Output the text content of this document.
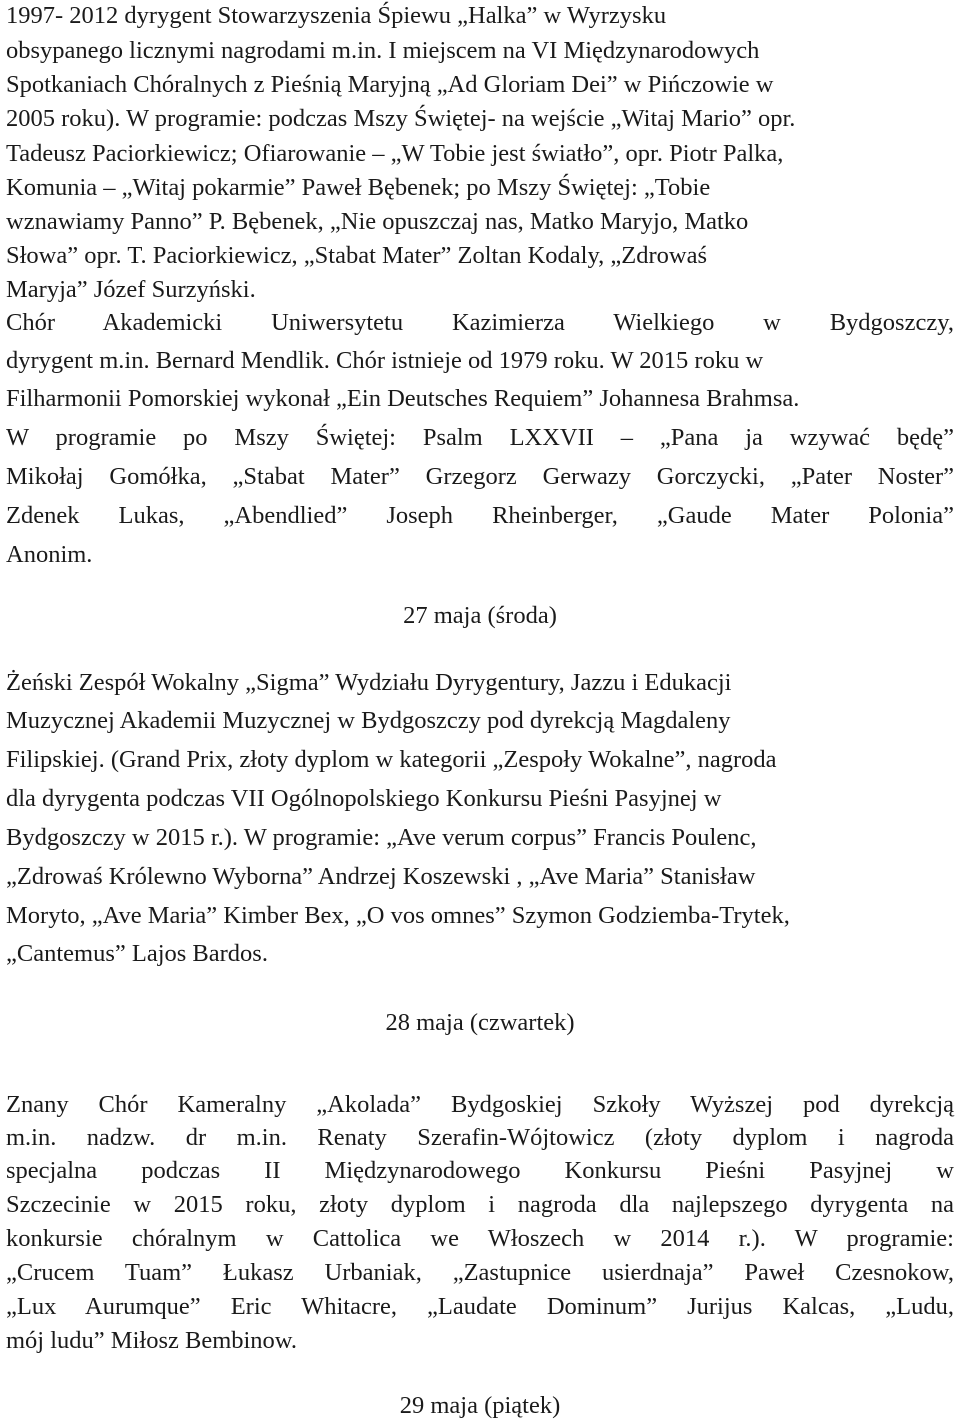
1997- 2012 dyrygent Stowarzyszenia Śpiewu „Halka” w Wyrzysku
obsypanego licznymi nagrodami m.in. I miejscem na VI Międzynarodowych
Spotkaniach Chóralnych z Pieśnią Maryjną „Ad Gloriam Dei” w Pińczowie w
2005 roku). W programie: podczas Mszy Świętej- na wejście „Witaj Mario” opr.
Tadeusz Paciorkiewicz; Ofiarowanie – „W Tobie jest światło”, opr. Piotr Palka,
Komunia – „Witaj pokarmie” Paweł Bębenek; po Mszy Świętej: „Tobie
wznawiamy Panno” P. Bębenek, „Nie opuszczaj nas, Matko Maryjo, Matko
Słowa” opr. T. Paciorkiewicz, „Stabat Mater” Zoltan Kodaly, „Zdrowaś
Maryja” Józef Surzyński.
Chór Akademicki Uniwersytetu Kazimierza Wielkiego w Bydgoszczy,
dyrygent m.in. Bernard Mendlik. Chór istnieje od 1979 roku. W 2015 roku w
Filharmonii Pomorskiej wykonał „Ein Deutsches Requiem” Johannesa Brahmsa.
W programie po Mszy Świętej: Psalm LXXVII – „Pana ja wzywać będę”
Mikołaj Gomółka, „Stabat Mater” Grzegorz Gerwazy Gorczycki, „Pater Noster”
Zdenek Lukas, „Abendlied” Joseph Rheinberger, „Gaude Mater Polonia”
Anonim.
27 maja (środa)
Żeński Zespół Wokalny „Sigma” Wydziału Dyrygentury, Jazzu i Edukacji
Muzycznej Akademii Muzycznej w Bydgoszczy pod dyrekcją Magdaleny
Filipskiej. (Grand Prix, złoty dyplom w kategorii „Zespoły Wokalne”, nagroda
dla dyrygenta podczas VII Ogólnopolskiego Konkursu Pieśni Pasyjnej w
Bydgoszczy w 2015 r.). W programie: „Ave verum corpus” Francis Poulenc,
„Zdrowaś Królewno Wyborna” Andrzej Koszewski , „Ave Maria” Stanisław
Moryto, „Ave Maria” Kimber Bex, „O vos omnes” Szymon Godziemba-Trytek,
„Cantemus” Lajos Bardos.
28 maja (czwartek)
Znany Chór Kameralny „Akolada” Bydgoskiej Szkoły Wyższej pod dyrekcją
m.in. nadzw. dr m.in. Renaty Szerafin-Wójtowicz (złoty dyplom i nagroda
specjalna podczas II Międzynarodowego Konkursu Pieśni Pasyjnej w
Szczecinie w 2015 roku, złoty dyplom i nagroda dla najlepszego dyrygenta na
konkursie chóralnym w Cattolica we Włoszech w 2014 r.). W programie:
„Crucem Tuam” Łukasz Urbaniak, „Zastupnice usierdnaja” Paweł Czesnokow,
„Lux Aurumque” Eric Whitacre, „Laudate Dominum” Jurijus Kalcas, „Ludu,
mój ludu” Miłosz Bembinow.
29 maja (piątek)
